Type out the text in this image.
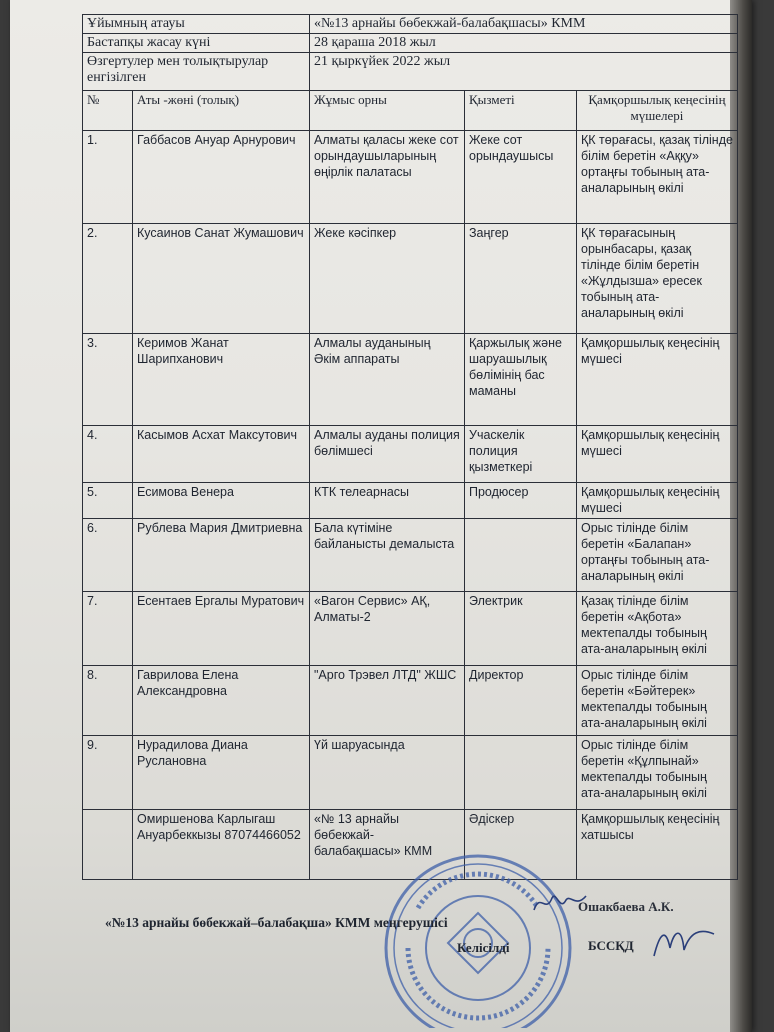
Ұйымның атауы		«№13 арнайы бөбекжай-балабақшасы» КММ		
Бастапқы жасау күні		28 қараша 2018 жыл		
Өзгертулер мен толықтырулар енгізілген		21 қыркүйек 2022 жыл		
№	Аты -жөні (толық)	Жұмыс орны	Қызметі	Қамқоршылық кеңесінің мүшелері
1.	Габбасов Ануар Арнурович	Алматы қаласы жеке сот орындаушыларының өңірлік палатасы	Жеке сот орындаушысы	ҚК төрағасы, қазақ тілінде білім беретін «Аққу» ортаңғы тобының ата-аналарының өкілі
2.	Кусаинов Санат Жумашович	Жеке кәсіпкер	Заңгер	ҚК төрағасының орынбасары, қазақ тілінде білім беретін «Жұлдызша» ересек тобының ата-аналарының өкілі
3.	Керимов Жанат Шарипханович	Алмалы ауданының Әкім аппараты	Қаржылық және шаруашылық бөлімінің бас маманы	Қамқоршылық кеңесінің мүшесі
4.	Касымов Асхат Максутович	Алмалы ауданы полиция бөлімшесі	Учаскелік полиция қызметкері	Қамқоршылық кеңесінің мүшесі
5.	Есимова Венера	КТК телеарнасы	Продюсер	Қамқоршылық кеңесінің мүшесі
6.	Рублева Мария Дмитриевна	Бала күтіміне байланысты демалыста		Орыс тілінде білім беретін «Балапан» ортаңғы тобының ата-аналарының өкілі
7.	Есентаев Ергалы Муратович	«Вагон Сервис» АҚ, Алматы-2	Электрик	Қазақ тілінде білім беретін «Ақбота» мектепалды тобының ата-аналарының өкілі
8.	Гаврилова Елена Александровна	"Арго Трэвел ЛТД" ЖШС	Директор	Орыс тілінде білім беретін «Бәйтерек» мектепалды тобының ата-аналарының өкілі
9.	Нурадилова Диана Руслановна	Үй шаруасында		Орыс тілінде білім беретін «Құлпынай» мектепалды тобының ата-аналарының өкілі
	Омиршенова Карлыгаш Ануарбеккызы 87074466052	«№ 13 арнайы бөбекжай-балабақшасы» КММ	Әдіскер	Қамқоршылық кеңесінің хатшысы
«№13 арнайы бөбекжай–балабақша» КММ меңгерушісі
Ошакбаева А.К.
Келісілді	БССҚД
